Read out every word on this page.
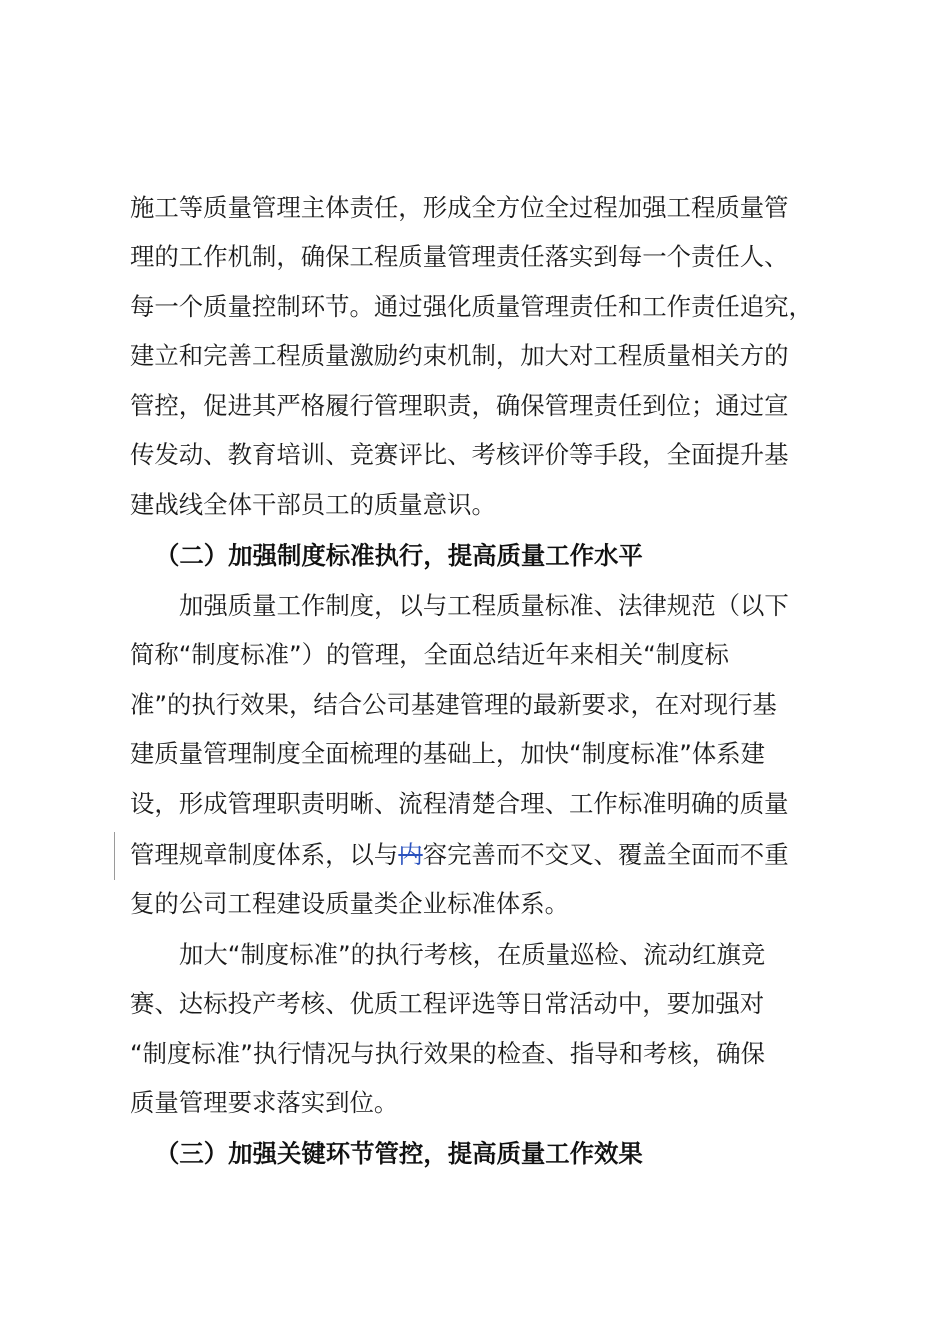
施工等质量管理主体责任，形成全方位全过程加强工程质量管
理的工作机制，确保工程质量管理责任落实到每一个责任人、
每一个质量控制环节。通过强化质量管理责任和工作责任追究，
建立和完善工程质量激励约束机制，加大对工程质量相关方的
管控，促进其严格履行管理职责，确保管理责任到位；通过宣
传发动、教育培训、竞赛评比、考核评价等手段，全面提升基
建战线全体干部员工的质量意识。
（二）加强制度标准执行，提高质量工作水平
加强质量工作制度，以与工程质量标准、法律规范（以下
简称“制度标准”）的管理，全面总结近年来相关“制度标
准”的执行效果，结合公司基建管理的最新要求，在对现行基
建质量管理制度全面梳理的基础上，加快“制度标准”体系建
设，形成管理职责明晰、流程清楚合理、工作标准明确的质量
管理规章制度体系，以与内容完善而不交叉、覆盖全面而不重
复的公司工程建设质量类企业标准体系。
加大“制度标准”的执行考核，在质量巡检、流动红旗竞
赛、达标投产考核、优质工程评选等日常活动中，要加强对
“制度标准”执行情况与执行效果的检查、指导和考核，确保
质量管理要求落实到位。
（三）加强关键环节管控，提高质量工作效果
